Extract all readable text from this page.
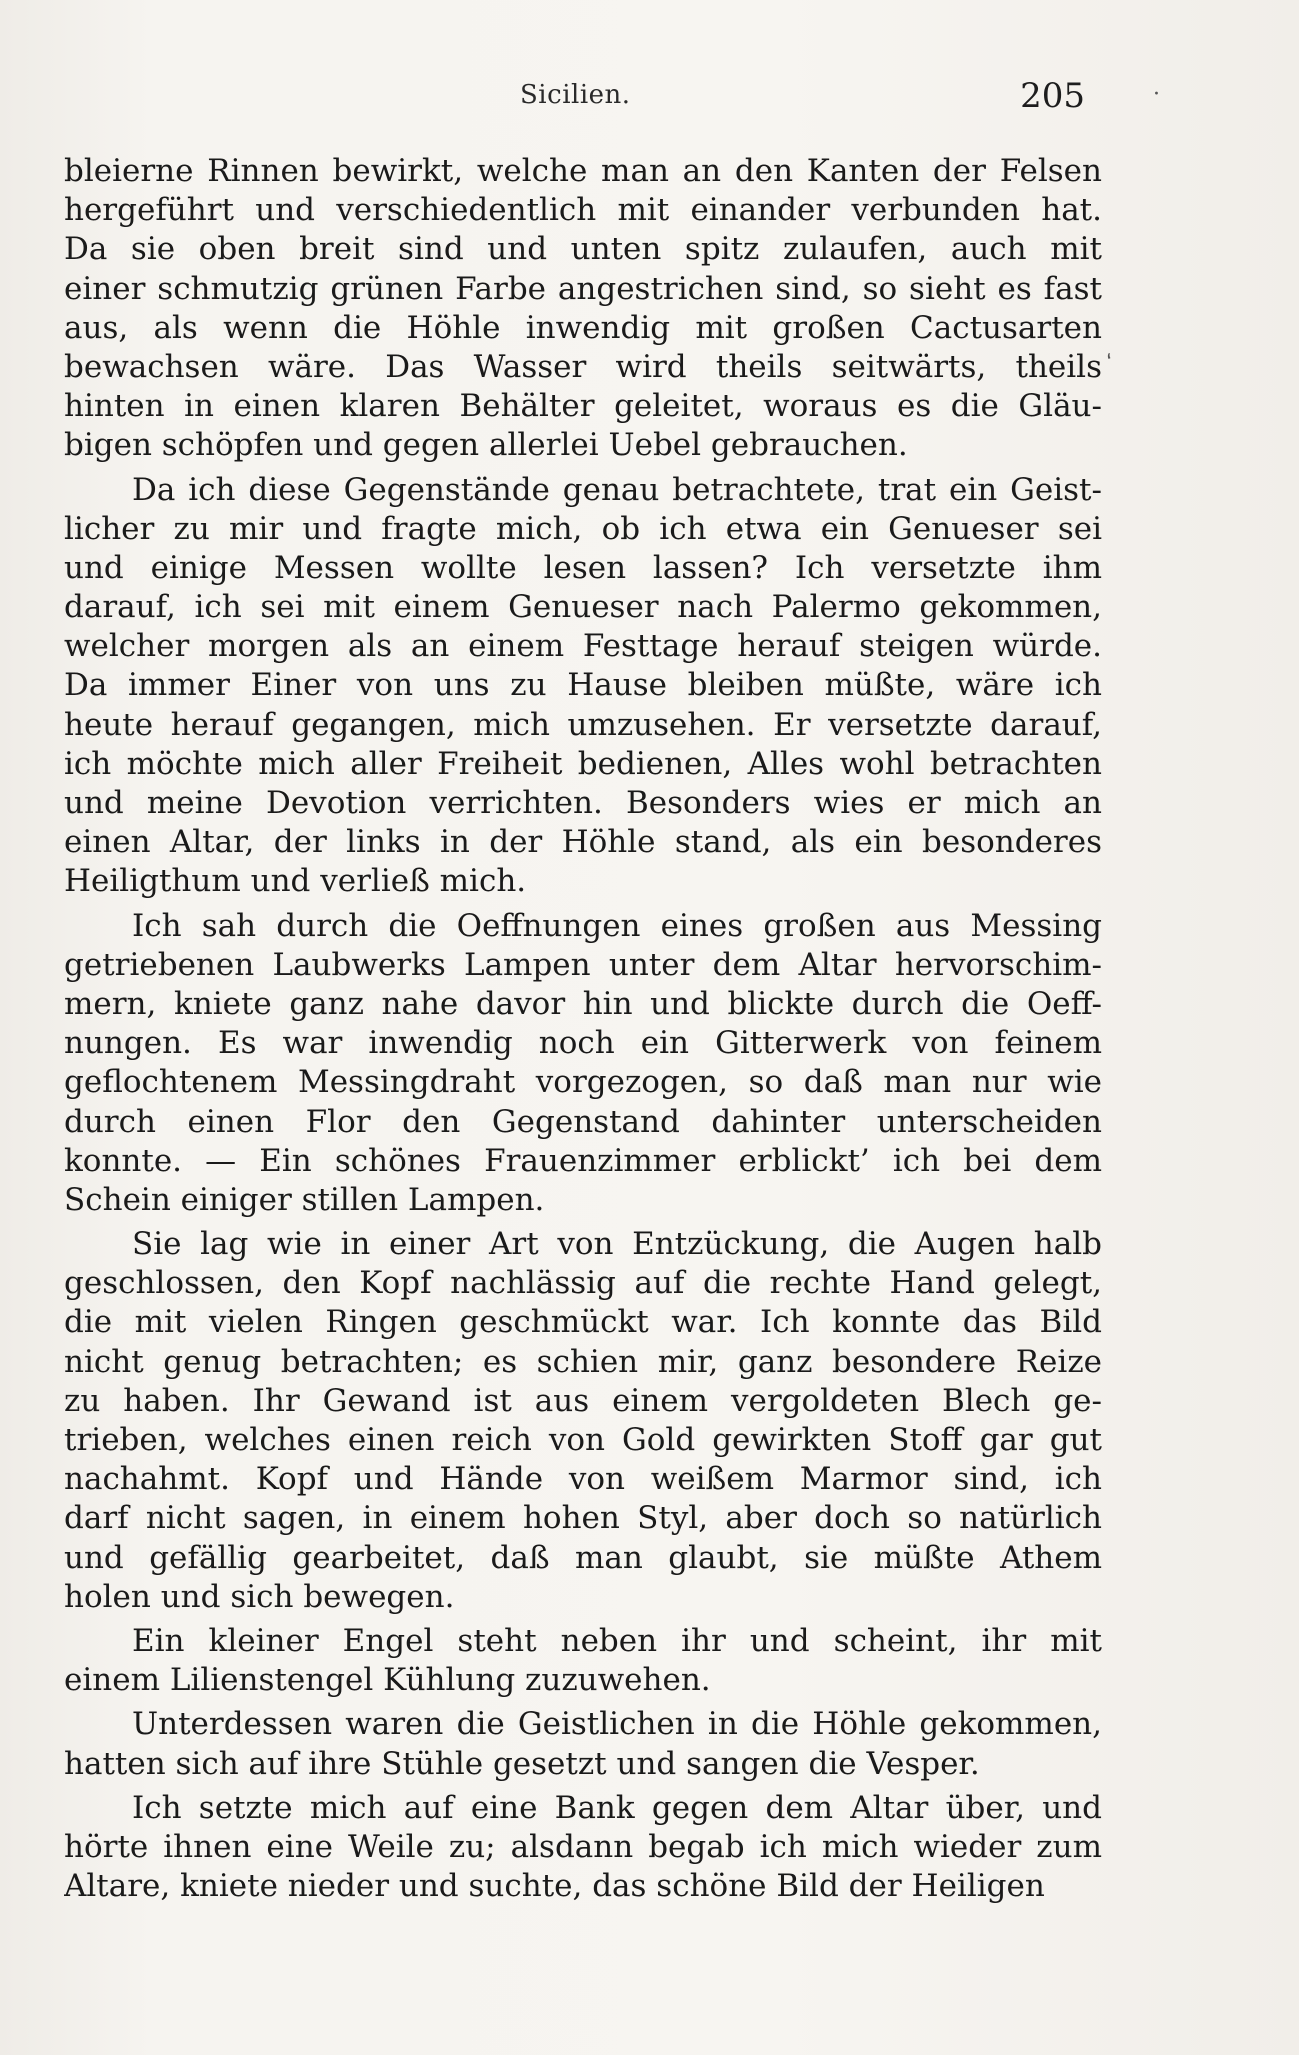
Sicilien.	205	·
‘
bleierne Rinnen bewirkt, welche man an den Kanten der Felsen
hergeführt und verschiedentlich mit einander verbunden hat.
Da sie oben breit sind und unten spitz zulaufen, auch mit
einer schmutzig grünen Farbe angestrichen sind, so sieht es fast
aus, als wenn die Höhle inwendig mit großen Cactusarten
bewachsen wäre. Das Wasser wird theils seitwärts, theils
hinten in einen klaren Behälter geleitet, woraus es die Gläu-
bigen schöpfen und gegen allerlei Uebel gebrauchen.
Da ich diese Gegenstände genau betrachtete, trat ein Geist-
licher zu mir und fragte mich, ob ich etwa ein Genueser sei
und einige Messen wollte lesen lassen? Ich versetzte ihm
darauf, ich sei mit einem Genueser nach Palermo gekommen,
welcher morgen als an einem Festtage herauf steigen würde.
Da immer Einer von uns zu Hause bleiben müßte, wäre ich
heute herauf gegangen, mich umzusehen. Er versetzte darauf,
ich möchte mich aller Freiheit bedienen, Alles wohl betrachten
und meine Devotion verrichten. Besonders wies er mich an
einen Altar, der links in der Höhle stand, als ein besonderes
Heiligthum und verließ mich.
Ich sah durch die Oeffnungen eines großen aus Messing
getriebenen Laubwerks Lampen unter dem Altar hervorschim-
mern, kniete ganz nahe davor hin und blickte durch die Oeff-
nungen. Es war inwendig noch ein Gitterwerk von feinem
geflochtenem Messingdraht vorgezogen, so daß man nur wie
durch einen Flor den Gegenstand dahinter unterscheiden
konnte. — Ein schönes Frauenzimmer erblickt’ ich bei dem
Schein einiger stillen Lampen.
Sie lag wie in einer Art von Entzückung, die Augen halb
geschlossen, den Kopf nachlässig auf die rechte Hand gelegt,
die mit vielen Ringen geschmückt war. Ich konnte das Bild
nicht genug betrachten; es schien mir, ganz besondere Reize
zu haben. Ihr Gewand ist aus einem vergoldeten Blech ge-
trieben, welches einen reich von Gold gewirkten Stoff gar gut
nachahmt. Kopf und Hände von weißem Marmor sind, ich
darf nicht sagen, in einem hohen Styl, aber doch so natürlich
und gefällig gearbeitet, daß man glaubt, sie müßte Athem
holen und sich bewegen.
Ein kleiner Engel steht neben ihr und scheint, ihr mit
einem Lilienstengel Kühlung zuzuwehen.
Unterdessen waren die Geistlichen in die Höhle gekommen,
hatten sich auf ihre Stühle gesetzt und sangen die Vesper.
Ich setzte mich auf eine Bank gegen dem Altar über, und
hörte ihnen eine Weile zu; alsdann begab ich mich wieder zum
Altare, kniete nieder und suchte, das schöne Bild der Heiligen
